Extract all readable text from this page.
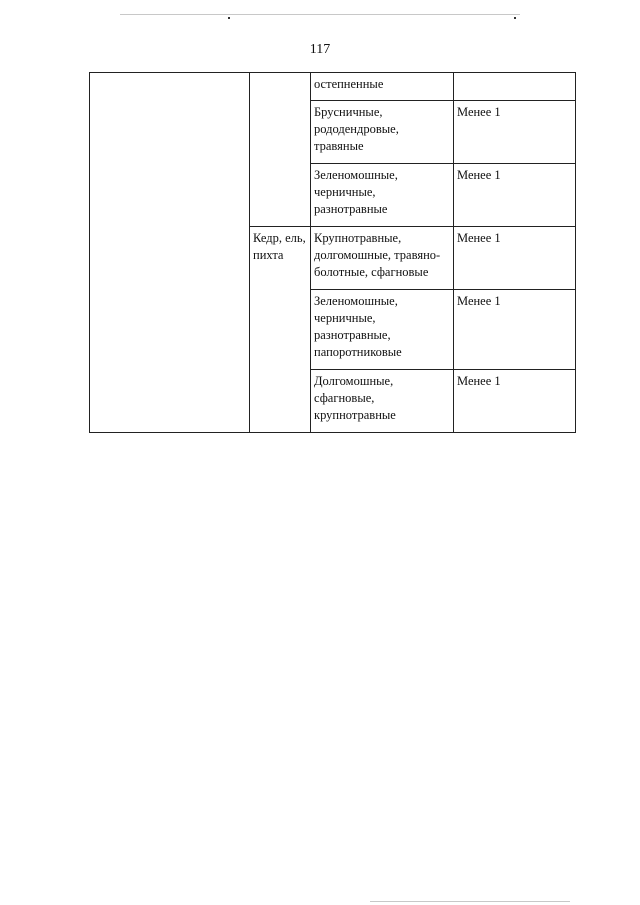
117
		остепненные	
		Брусничные, рододендровые, травяные	Менее 1
		Зеленомошные, черничные, разнотравные	Менее 1
	Кедр, ель, пихта	Крупнотравные, долгомошные, травяно-болотные, сфагновые	Менее 1
		Зеленомошные, черничные, разнотравные, папоротниковые	Менее 1
		Долгомошные, сфагновые, крупнотравные	Менее 1
